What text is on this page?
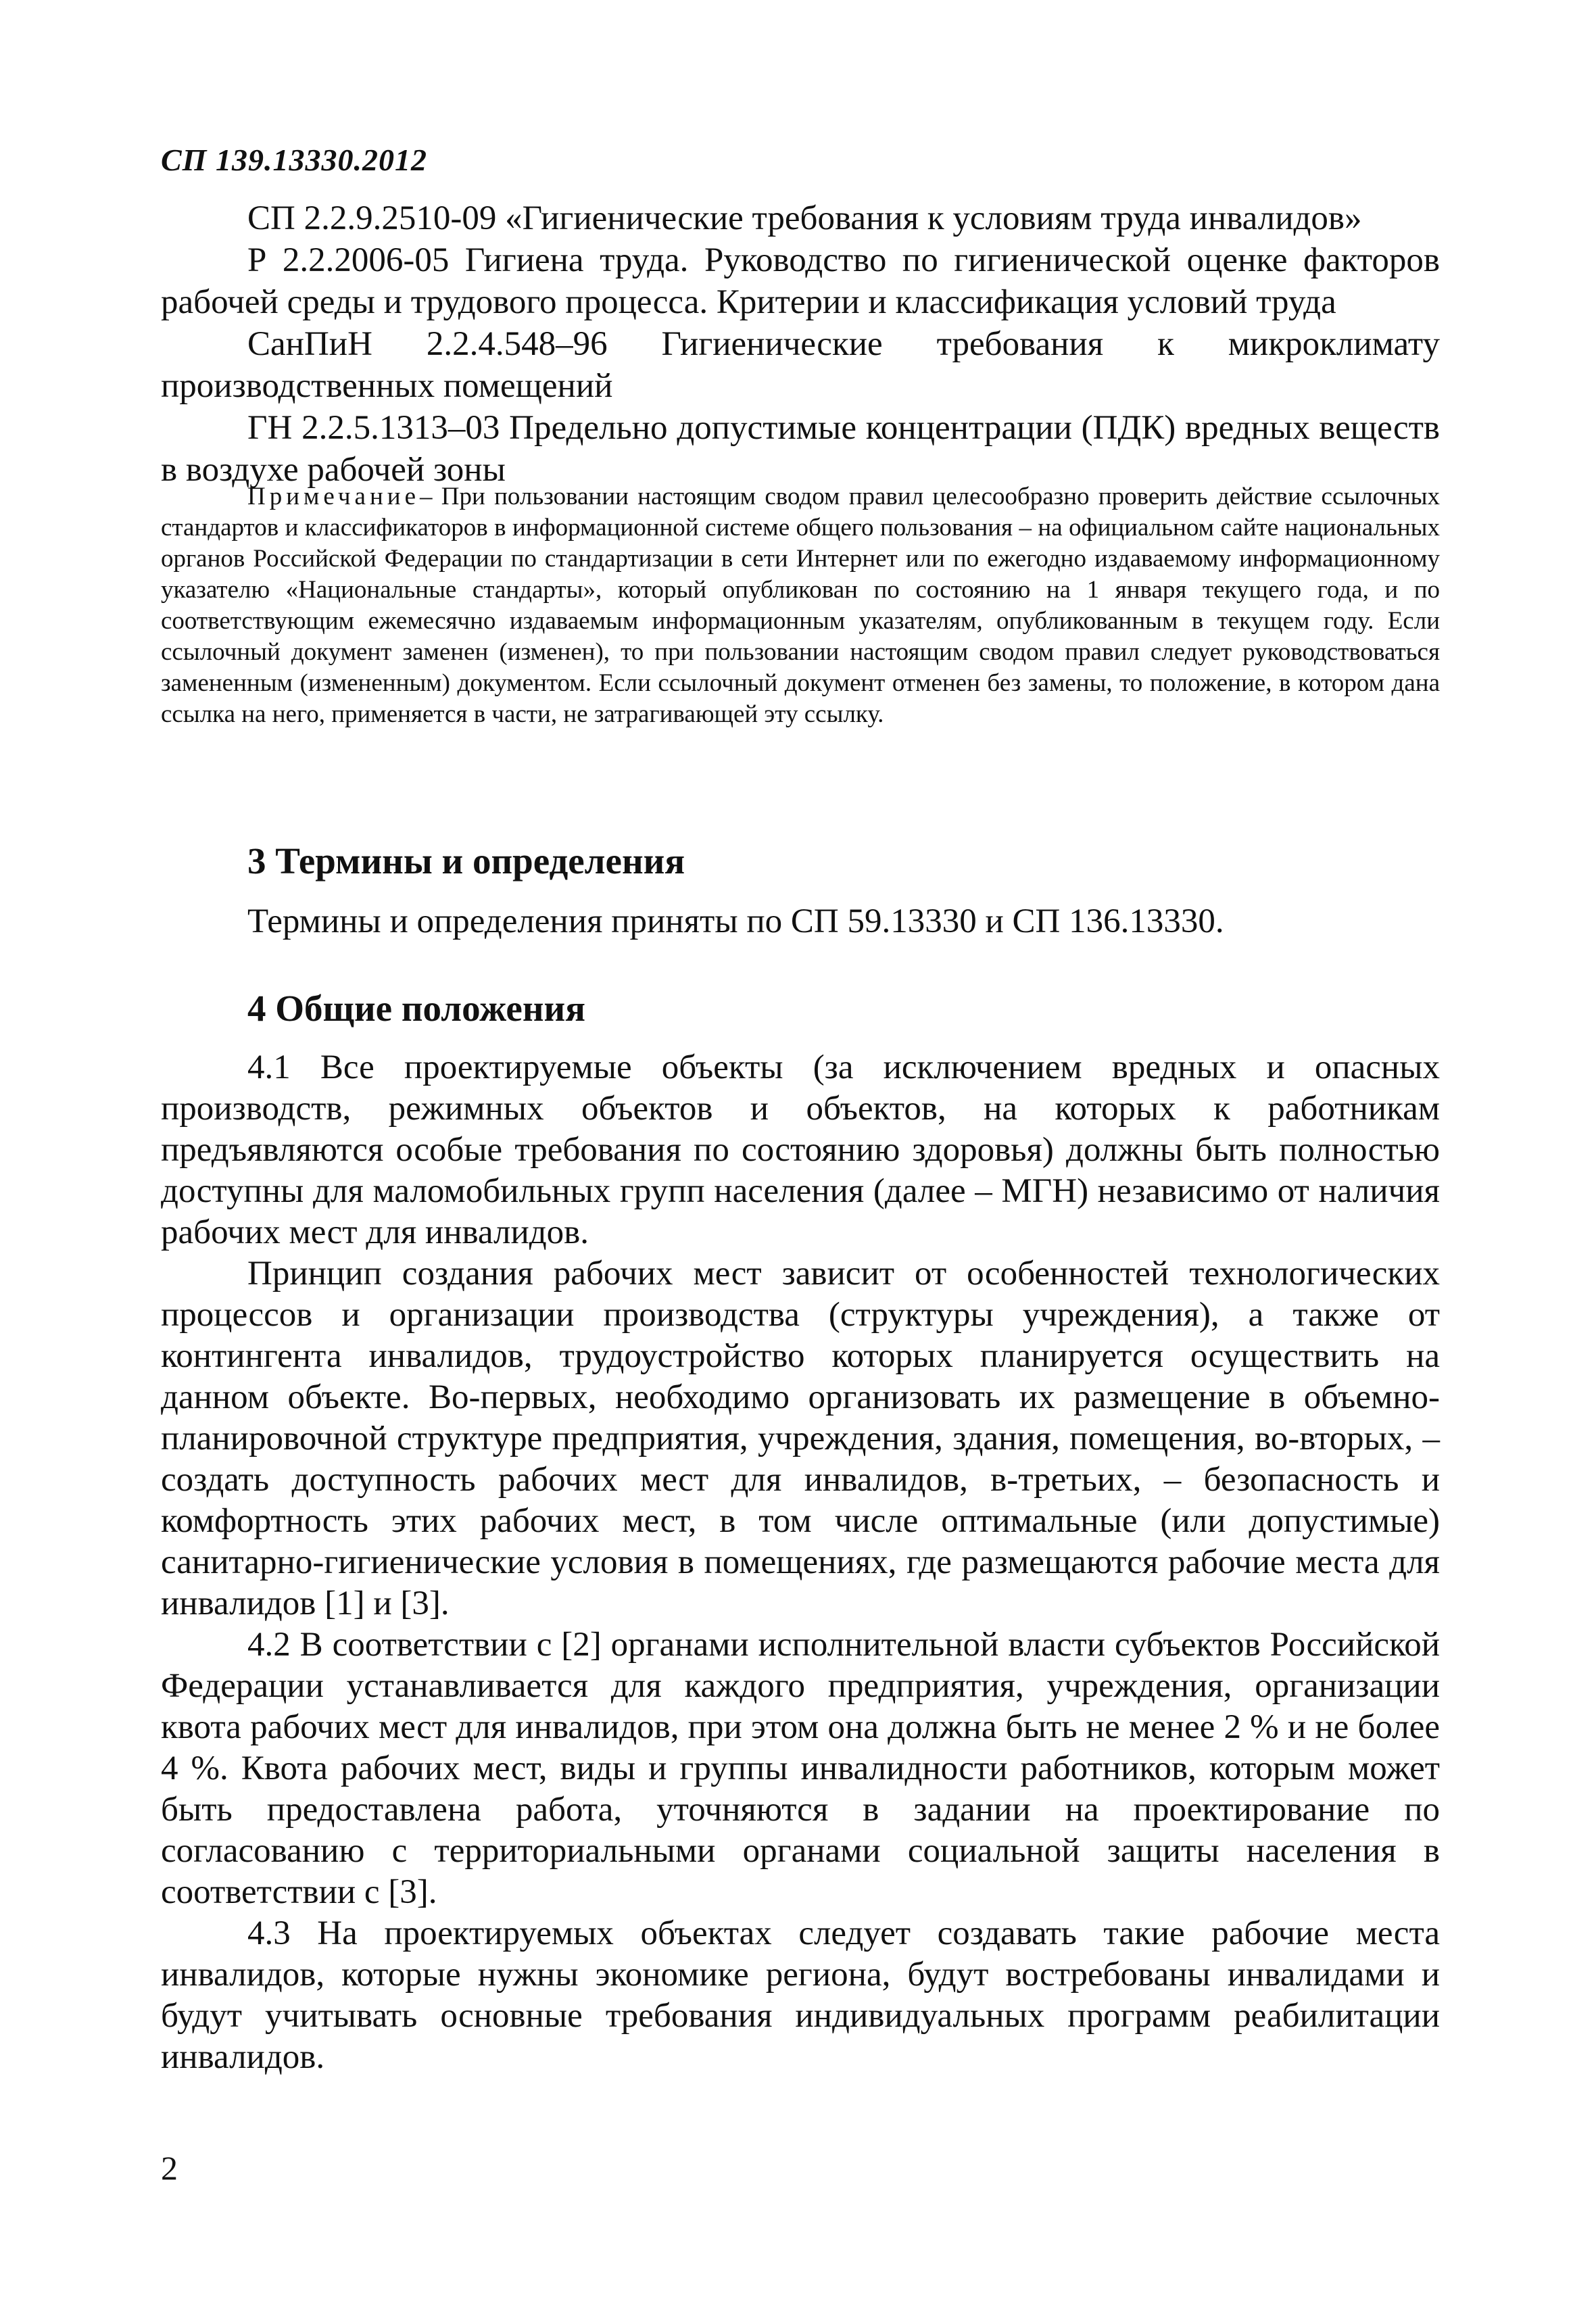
СП 139.13330.2012

СП 2.2.9.2510-09 «Гигиенические требования к условиям труда инвалидов»

Р 2.2.2006-05 Гигиена труда. Руководство по гигиенической оценке факторов рабочей среды и трудового процесса. Критерии и классификация условий труда

СанПиН 2.2.4.548–96 Гигиенические требования к микроклимату производственных помещений

ГН 2.2.5.1313–03 Предельно допустимые концентрации (ПДК) вредных веществ в воздухе рабочей зоны

Примечание– При пользовании настоящим сводом правил целесообразно проверить действие ссылочных стандартов и классификаторов в информационной системе общего пользования – на официальном сайте национальных органов Российской Федерации по стандартизации в сети Интернет или по ежегодно издаваемому информационному указателю «Национальные стандарты», который опубликован по состоянию на 1 января текущего года, и по соответствующим ежемесячно издаваемым информационным указателям, опубликованным в текущем году. Если ссылочный документ заменен (изменен), то при пользовании настоящим сводом правил следует руководствоваться замененным (измененным) документом. Если ссылочный документ отменен без замены, то положение, в котором дана ссылка на него, применяется в части, не затрагивающей эту ссылку.

3 Термины и определения

Термины и определения приняты по СП 59.13330 и СП 136.13330.

4 Общие положения

4.1 Все проектируемые объекты (за исключением вредных и опасных производств, режимных объектов и объектов, на которых к работникам предъявляются особые требования по состоянию здоровья) должны быть полностью доступны для маломобильных групп населения (далее – МГН) независимо от наличия рабочих мест для инвалидов.

Принцип создания рабочих мест зависит от особенностей технологических процессов и организации производства (структуры учреждения), а также от контингента инвалидов, трудоустройство которых планируется осуществить на данном объекте. Во-первых, необходимо организовать их размещение в объемно-планировочной структуре предприятия, учреждения, здания, помещения, во-вторых, – создать доступность рабочих мест для инвалидов, в-третьих, – безопасность и комфортность этих рабочих мест, в том числе оптимальные (или допустимые) санитарно-гигиенические условия в помещениях, где размещаются рабочие места для инвалидов [1] и [3].

4.2 В соответствии с [2] органами исполнительной власти субъектов Российской Федерации устанавливается для каждого предприятия, учреждения, организации квота рабочих мест для инвалидов, при этом она должна быть не менее 2 % и не более 4 %. Квота рабочих мест, виды и группы инвалидности работников, которым может быть предоставлена работа, уточняются в задании на проектирование по согласованию с территориальными органами социальной защиты населения в соответствии с [3].

4.3 На проектируемых объектах следует создавать такие рабочие места инвалидов, которые нужны экономике региона, будут востребованы инвалидами и будут учитывать основные требования индивидуальных программ реабилитации инвалидов.

2
